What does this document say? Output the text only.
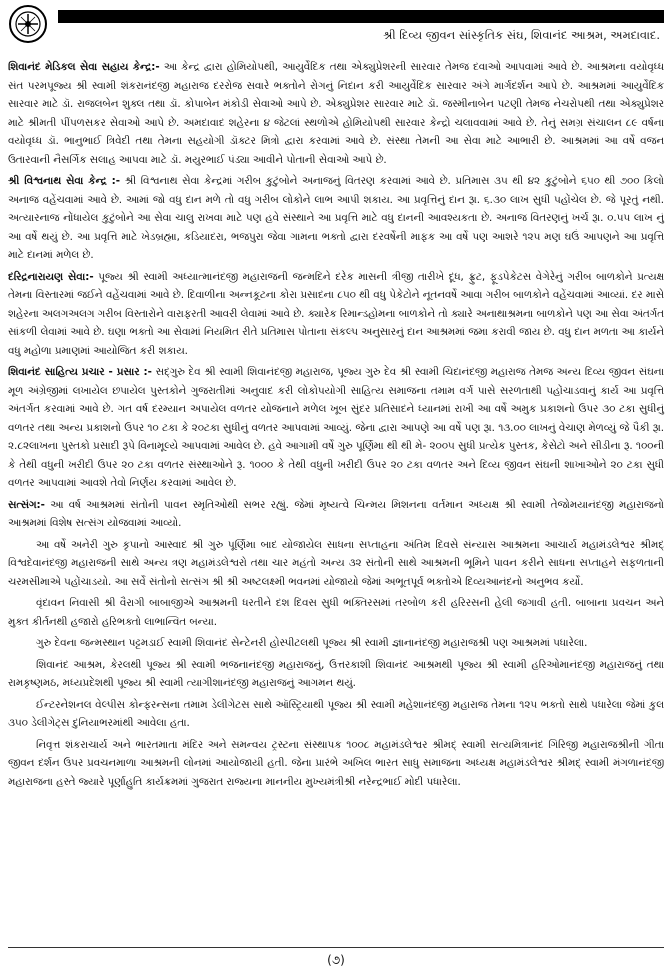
શ્રી દિવ્ય જીવન સાંસ્કૃતિક સંઘ, શિવાનંદ આશ્રમ, અમદાવાદ.

શિવાનંદ મેડિકલ સેવા સહાય કેન્દ્ર:- આ કેન્દ્ર દ્વારા હોમિયોપથી, આયુર્વેદિક તથા એક્યુપ્રેશરની સારવાર તેમજ દવાઓ આપવામાં આવે છે. આશ્રમના વયોવૃધ્ધ સંત પરમપૂજ્ય શ્રી સ્વામી શંકરાનંદજી મહારાજ દરરોજ સવારે ભક્તોને રોગનું નિદાન કરી આયુર્વેદિક સારવાર અંગે માર્ગદર્શન આપે છે. આશ્રમમાં આયુર્વેદિક સારવાર માટે ડૉ. રાજલબેન શુક્લ તથા ડૉ. કોપાબેન મંકોડી સેવાઓ આપે છે. એક્યુપ્રેશર સારવાર માટે ડૉ. જસ્મીનાબેન પટણી તેમજ નેચરોપથી તથા એક્યુપ્રેશર માટે શ્રીમતી પીંપળસકર સેવાઓ આપે છે. અમદાવાદ શહેરના ૪ જેટલાં સ્થળોએ હોમિયોપથી સારવાર કેન્દ્રો ચલાવવામાં આવે છે. તેનું સમગ્ર સંચાલન ૮૯ વર્ષના વયોવૃધ્ધ ડૉ. ભાનુભાઈ ત્રિવેદી તથા તેમના સહયોગી ડૉક્ટર મિત્રો દ્વારા કરવામાં આવે છે. સંસ્થા તેમની આ સેવા માટે આભારી છે. આશ્રમમાં આ વર્ષે વજન ઉતારવાની નૈસર્ગિક સલાહ આપવા માટે ડૉ. મયુરભાઈ પંડ્યા આવીને પોતાની સેવાઓ આપે છે.

શ્રી વિશ્વનાથ સેવા કેન્દ્ર :- શ્રી વિશ્વનાથ સેવા કેન્દ્રમાં ગરીબ કુટુંબોને અનાજનું વિતરણ કરવામાં આવે છે. પ્રતિમાસ ૩૫ થી ૪૨ કુટુંબોને ૬૫૦ થી ૭૦૦ કિલો અનાજ વહેંચવામાં આવે છે. આમાં જો વધુ દાન મળે તો વધુ ગરીબ લોકોને લાભ આપી શકાય. આ પ્રવૃત્તિનું દાન રૂા. ૬.૩૦ લાખ સુધી પહોંચેલ છે. જે પૂરતું નથી. અત્યારનાજ નોંધાયેલ કુટુંબોને આ સેવા ચાલુ રાખવા માટે પણ હવે સંસ્થાને આ પ્રવૃત્તિ માટે વધુ દાનની આવશ્યકતા છે. અનાજ વિતરણનું ખર્ચ રૂા. ૦.૫૫ લાખ નું આ વર્ષે થયું છે. આ પ્રવૃત્તિ માટે ખેડબ્રહ્મા, કડિયાદરા, ભજપુરા જેવા ગામના ભક્તો દ્વારા દરવર્ષેની માફક આ વર્ષે પણ આશરે ૧૨૫ મણ ઘઉં આપણને આ પ્રવૃત્તિ માટે દાનમાં મળેલ છે.

દરિદ્રનારાયણ સેવા:- પૂજ્ય શ્રી સ્વામી અધ્યાત્માનંદજી મહારાજની જન્મદિને દરેક માસની ત્રીજી તારીખે દૂધ, ફ્રુટ, ફૂડપેકેટસ વેગેરેનું ગરીબ બાળકોને પ્રત્યક્ષ તેમના વિસ્તારમાં જઈને વહેંચવામાં આવે છે. દિવાળીના અન્નકૂટના કોરા પ્રસાદના ૮૫૦ થી વધુ પેકેટોને નૂતનવર્ષે આવા ગરીબ બાળકોને વહેંચવામાં આવ્યાં. દર માસે શહેરના અલગઅલગ ગરીબ વિસ્તારોને વારાફરતી આવરી લેવામાં આવે છે. ક્યારેક રિમાન્ડહોમના બાળકોને તો ક્યારે અનાથાશ્રમના બાળકોને પણ આ સેવા અંતર્ગત સાંકળી લેવામાં આવે છે. ઘણા ભક્તો આ સેવામાં નિયમિત રીતે પ્રતિમાસ પોતાના સંકલ્પ અનુસારનું દાન આશ્રમમાં જમા કરાવી જાય છે. વધુ દાન મળતા આ કાર્યને વધુ મહોળા પ્રમાણમાં આયોજિત કરી શકાય.

શિવાનંદ સાહિત્ય પ્રચાર - પ્રસાર :- સદ્ગુરુ દેવ શ્રી સ્વામી શિવાનંદજી મહારાજ, પૂજ્ય ગુરુ દેવ શ્રી સ્વામી ચિદાનંદજી મહારાજ તેમજ અન્ય દિવ્ય જીવન સંઘના મૂળ અંગ્રેજીમાં લખાયેલ છપાયેલ પુસ્તકોને ગુજરાતીમાં અનુવાદ કરી લોકોપયોગી સાહિત્ય સમાજના તમામ વર્ગ પાસે સરળતાથી પહોંચાડવાનું કાર્ય આ પ્રવૃત્તિ અંતર્ગત કરવામાં આવે છે. ગત વર્ષ દરમ્યાન અપાયેલ વળતર યોજનાને મળેલ ખૂબ સુંદર પ્રતિસાદને ધ્યાનમાં રાખી આ વર્ષે અમુક પ્રકાશનો ઉપર ૩૦ ટકા સુધીનું વળતર તથા અન્ય પ્રકાશનો ઉપર ૧૦ ટકા કે ૨૦ટકા સુધીનું વળતર આપવામાં આવ્યું. જેના દ્વારા આપણે આ વર્ષે પણ રૂા. ૧૩.૦૦ લાખનું વેચાણ મેળવ્યું જે પૈકી રૂા. ૨.૮૨લાખના પુસ્તકો પ્રસાદી રૂપે વિનામૂલ્યે આપવામાં આવેલ છે. હવે આગામી વર્ષે ગુરુ પૂર્ણિમા થી થી મે- ૨૦૦૫ સુધી પ્રત્યેક પુસ્તક, કેસેટો અને સીડીના રૂ. ૧૦૦ની કે તેથી વધુની ખરીદી ઉપર ૨૦ ટકા વળતર સંસ્થાઓને રૂ. ૧૦૦૦ કે તેથી વધુની ખરીદી ઉપર ૨૦ ટકા વળતર અને દિવ્ય જીવન સંઘની શાખાઓને ૨૦ ટકા સુધી વળતર આપવામાં આવશે તેવો નિર્ણય કરવામાં આવેલ છે.

સત્સંગ:- આ વર્ષ આશ્રમમાં સંતોની પાવન સ્મૃતિઓથી સભર રહ્યું. જેમાં મૃષ્યત્વે ચિન્મય મિશનના વર્તમાન અધ્યક્ષ શ્રી સ્વામી તેજોમયાનંદજી મહારાજનો આશ્રમમાં વિશેષ સત્સંગ યોજવામાં આવ્યો.

આ વર્ષે અનેરી ગુરુ કૃપાનો આસ્વાદ શ્રી ગુરુ પૂર્ણિમા બાદ યોજાયેલ સાધના સપ્તાહના અંતિમ દિવસે સંન્યાસ આશ્રમના આચાર્ય મહામંડલેશ્વર શ્રીમદ્ વિશ્વદેવાનંદજી મહારાજની સાથે અન્ય ત્રણ મહામંડલેશ્વરો તથા ચાર મહંતો અન્ય ૩૨ સંતોની સાથે આશ્રમની ભૂમિને પાવન કરીને સાધના સપ્તાહને સફળતાની ચરમસીમાએ પહોંચાડયો. આ સર્વે સંતોનો સત્સંગ શ્રી શ્રી અષ્ટલક્ષ્મી ભવનમાં યોજાયો જેમાં અભૂતપૂર્વ ભક્તોએ દિવ્યઆનંદનો અનુભવ કર્યો.

વૃંદાવન નિવાસી શ્રી વૈરાગી બાબાજીએ આશ્રમની ધરતીને દશ દિવસ સુધી ભક્તિરસમાં તરબોળ કરી હરિરસની હેલી જગાવી હતી. બાબાના પ્રવચન અને મુક્ત કીર્તનથી હજારો હરિભક્તો લાભાન્વિત બન્યા.

ગુરુ દેવના જન્મસ્થાન પટ્ટમડાઈ સ્વામી શિવાનંદ સેન્ટેનરી હોસ્પીટલથી પૂજ્ય શ્રી સ્વામી જ્ઞાનાનંદજી મહારાજશ્રી પણ આશ્રમમાં પધારેલા.

શિવાનંદ આશ્રમ, કેરલથી પૂજ્ય શ્રી સ્વામી ભજનાનંદજી મહારાજનું, ઉત્તરકાશી શિવાનંદ આશ્રમથી પૂજ્ય શ્રી સ્વામી હરિઓમાનંદજી મહારાજનું તથા રામકૃષ્ણમઠ, મધ્યપ્રદેશથી પૂજ્ય શ્રી સ્વામી ત્યાગીશાનંદજી મહારાજનું આગમન થયું.

ઈન્ટરનેશનલ વેલ્પીસ કોન્ફરન્સના તમામ ડેલીગેટસ સાથે ઑસ્ટ્રિયાથી પૂજ્ય શ્રી સ્વામી મહેશાનંદજી મહારાજ તેમના ૧૨૫ ભક્તો સાથે પધારેલા જેમાં કુલ ૩૫૦ ડેલીગેટ્સ દુનિયાભરમાંથી આવેલા હતા.

નિવૃત્ત શંકરાચાર્ય અને ભારતમાતા મંદિર અને સમન્વય ટ્રસ્ટના સંસ્થાપક ૧૦૦૮ મહામંડલેશ્વર શ્રીમદ્ સ્વામી સત્યમિત્રાનંદ ગિરિજી મહારાજશ્રીની ગીતા જીવન દર્શન ઉપર પ્રવચનમાળા આશ્રમની લોનમાં આયોજાયી હતી. જેના પ્રારંભે અખિલ ભારત સાધુ સમાજના અધ્યક્ષ મહામંડલેશ્વર શ્રીમદ્ સ્વામી મંગળાનંદજી મહારાજના હસ્તે જ્યારે પૂર્ણાહુતિ કાર્યક્રમમાં ગુજરાત રાજ્યના માનનીય મુખ્યમંત્રીશ્રી નરેન્દ્રભાઈ મોદી પધારેલા.

(૭)
